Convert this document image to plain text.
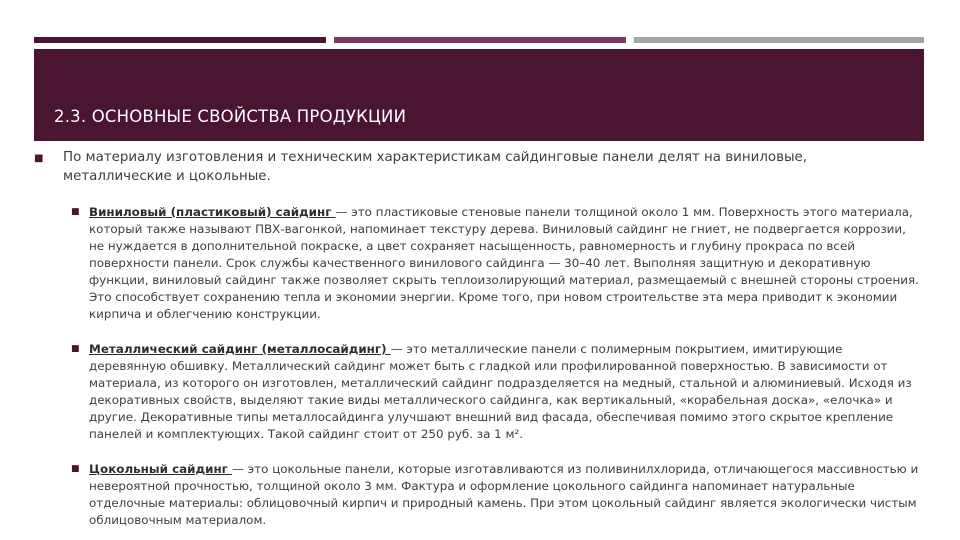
2.3. ОСНОВНЫЕ СВОЙСТВА ПРОДУКЦИИ
■ По материалу изготовления и техническим характеристикам сайдинговые панели делят на виниловые, металлические и цокольные.
■ Виниловый (пластиковый) сайдинг — это пластиковые стеновые панели толщиной около 1 мм. Поверхность этого материала, который также называют ПВХ-вагонкой, напоминает текстуру дерева. Виниловый сайдинг не гниет, не подвергается коррозии, не нуждается в дополнительной покраске, а цвет сохраняет насыщенность, равномерность и глубину прокраса по всей поверхности панели. Срок службы качественного винилового сайдинга — 30–40 лет. Выполняя защитную и декоративную функции, виниловый сайдинг также позволяет скрыть теплоизолирующий материал, размещаемый с внешней стороны строения. Это способствует сохранению тепла и экономии энергии. Кроме того, при новом строительстве эта мера приводит к экономии кирпича и облегчению конструкции.
■ Металлический сайдинг (металлосайдинг) — это металлические панели с полимерным покрытием, имитирующие деревянную обшивку. Металлический сайдинг может быть с гладкой или профилированной поверхностью. В зависимости от материала, из которого он изготовлен, металлический сайдинг подразделяется на медный, стальной и алюминиевый. Исходя из декоративных свойств, выделяют такие виды металлического сайдинга, как вертикальный, «корабельная доска», «елочка» и другие. Декоративные типы металлосайдинга улучшают внешний вид фасада, обеспечивая помимо этого скрытое крепление панелей и комплектующих. Такой сайдинг стоит от 250 руб. за 1 м².
■ Цокольный сайдинг — это цокольные панели, которые изготавливаются из поливинилхлорида, отличающегося массивностью и невероятной прочностью, толщиной около 3 мм. Фактура и оформление цокольного сайдинга напоминает натуральные отделочные материалы: облицовочный кирпич и природный камень. При этом цокольный сайдинг является экологически чистым облицовочным материалом.
